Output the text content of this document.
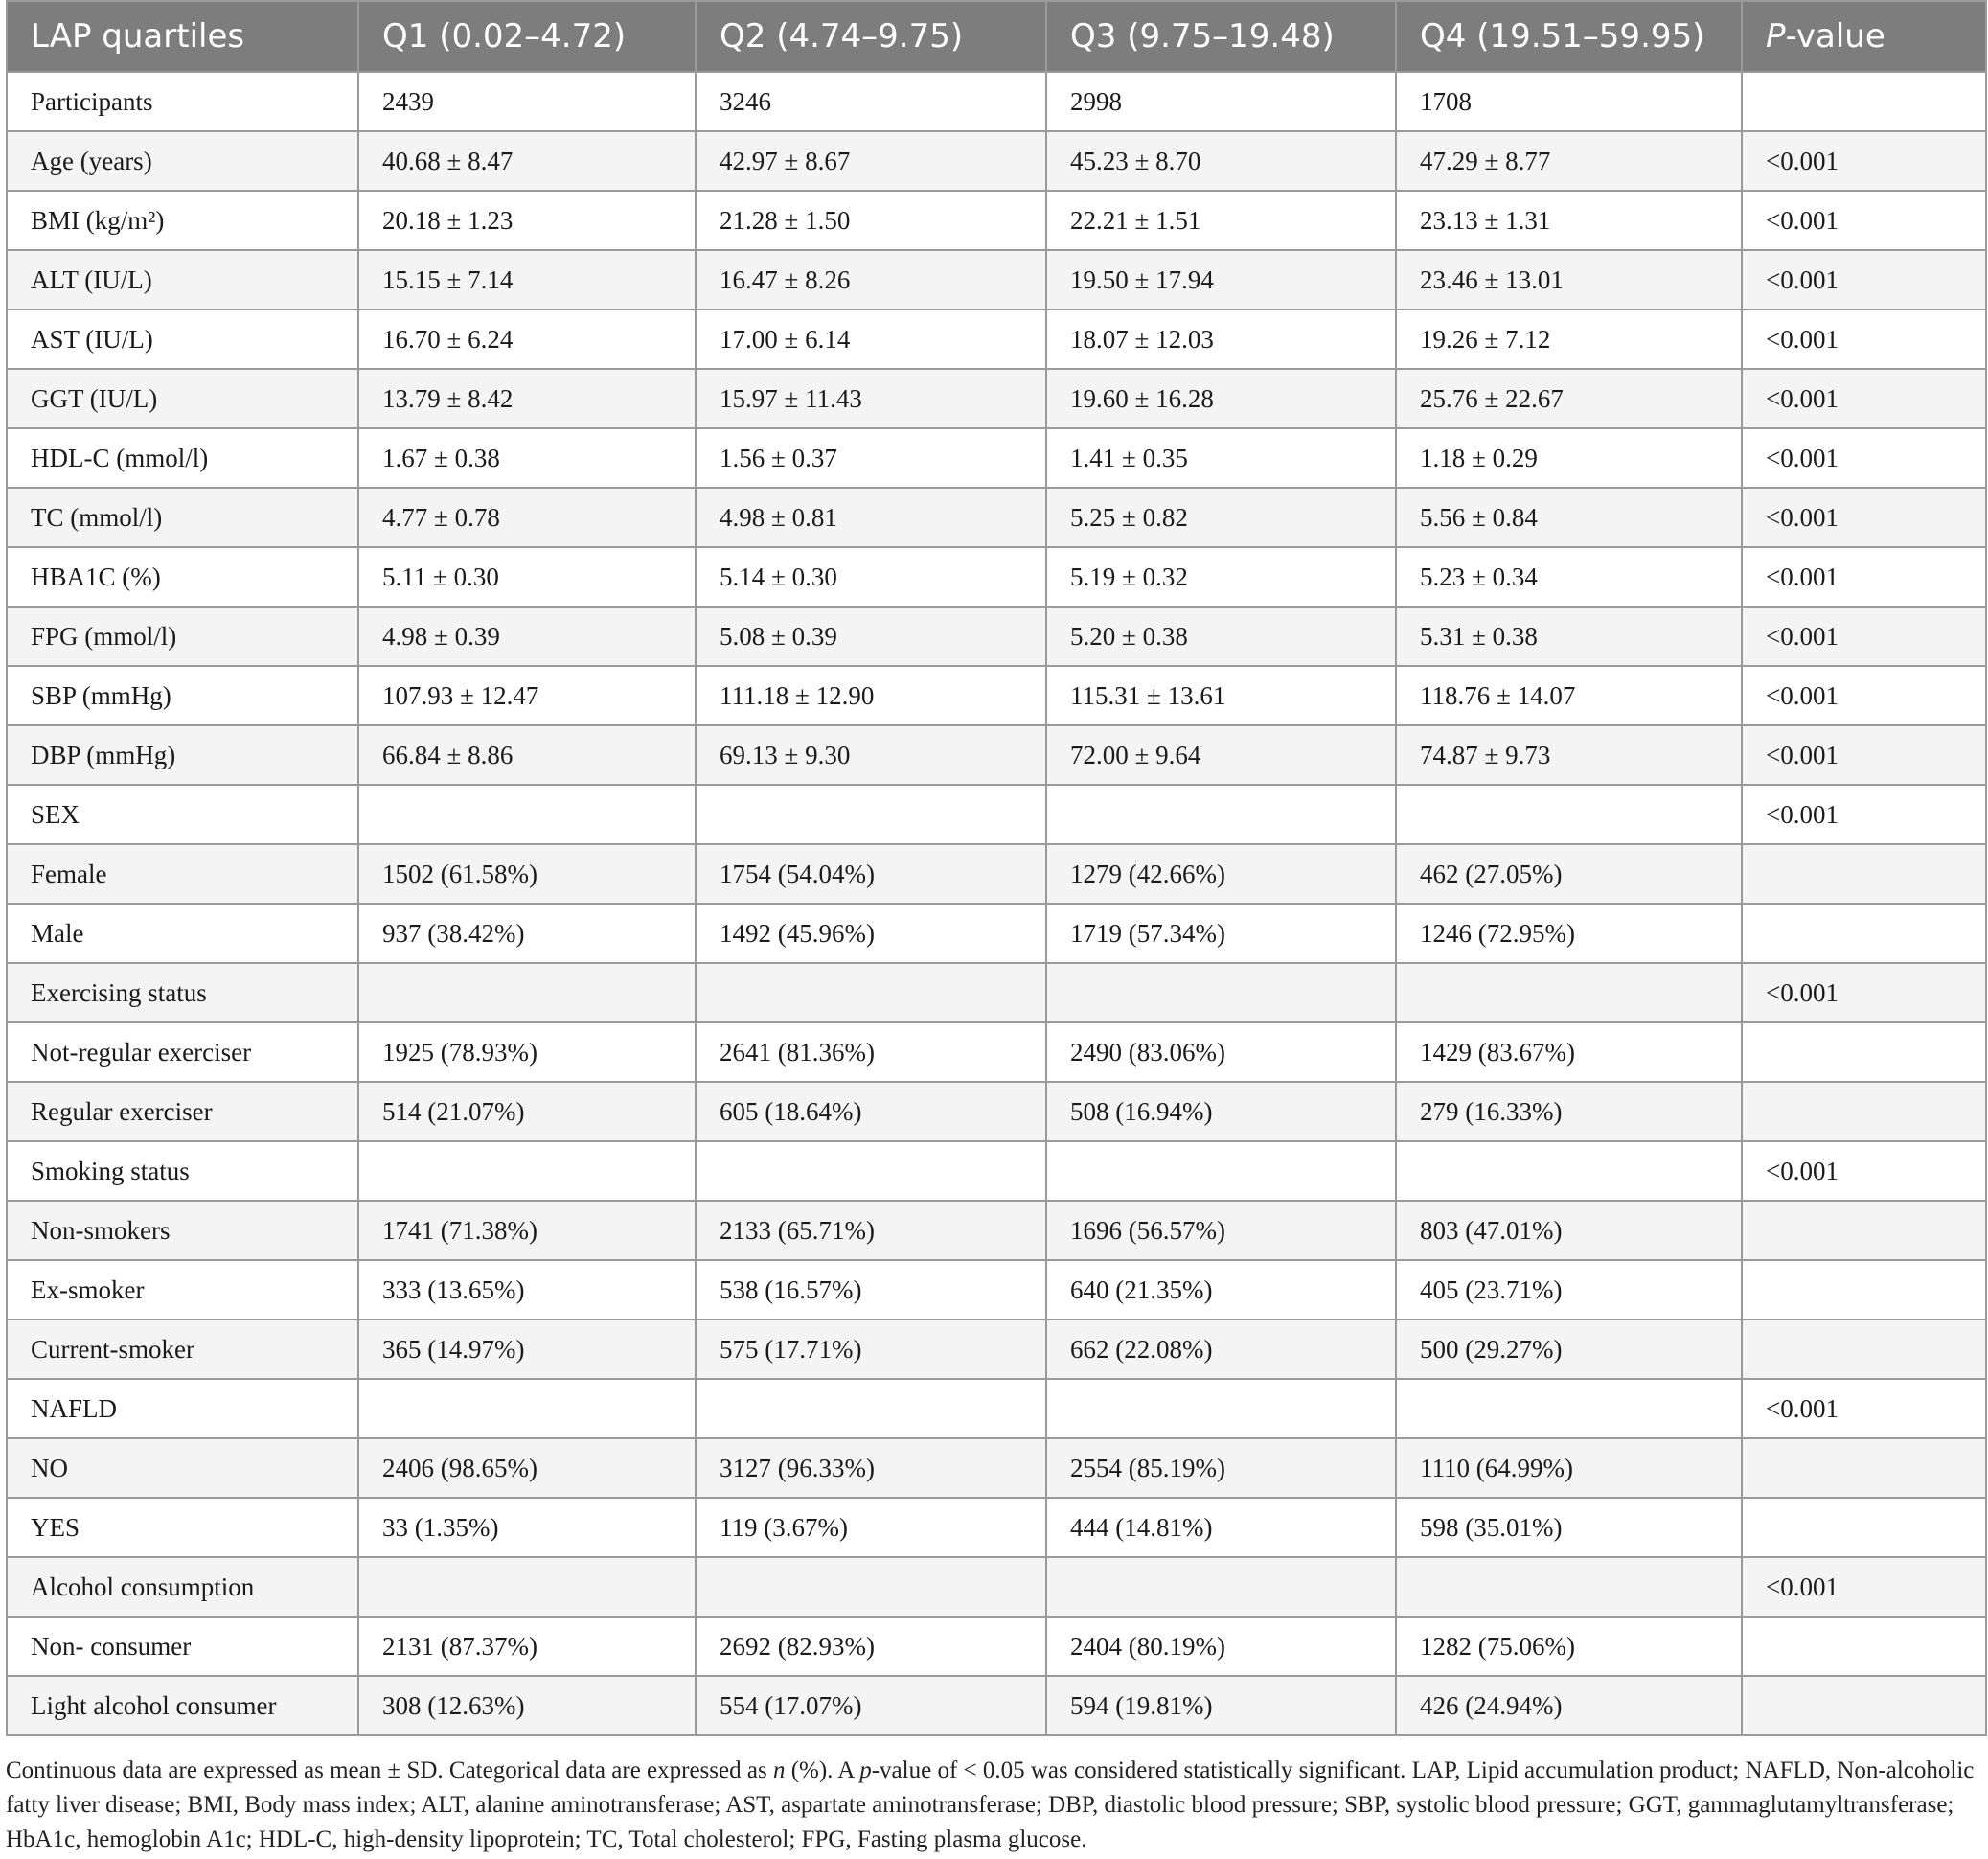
LAP quartiles	Q1 (0.02–4.72)	Q2 (4.74–9.75)	Q3 (9.75–19.48)	Q4 (19.51–59.95)	P-value
Participants	2439	3246	2998	1708	
Age (years)	40.68 ± 8.47	42.97 ± 8.67	45.23 ± 8.70	47.29 ± 8.77	<0.001
BMI (kg/m²)	20.18 ± 1.23	21.28 ± 1.50	22.21 ± 1.51	23.13 ± 1.31	<0.001
ALT (IU/L)	15.15 ± 7.14	16.47 ± 8.26	19.50 ± 17.94	23.46 ± 13.01	<0.001
AST (IU/L)	16.70 ± 6.24	17.00 ± 6.14	18.07 ± 12.03	19.26 ± 7.12	<0.001
GGT (IU/L)	13.79 ± 8.42	15.97 ± 11.43	19.60 ± 16.28	25.76 ± 22.67	<0.001
HDL-C (mmol/l)	1.67 ± 0.38	1.56 ± 0.37	1.41 ± 0.35	1.18 ± 0.29	<0.001
TC (mmol/l)	4.77 ± 0.78	4.98 ± 0.81	5.25 ± 0.82	5.56 ± 0.84	<0.001
HBA1C (%)	5.11 ± 0.30	5.14 ± 0.30	5.19 ± 0.32	5.23 ± 0.34	<0.001
FPG (mmol/l)	4.98 ± 0.39	5.08 ± 0.39	5.20 ± 0.38	5.31 ± 0.38	<0.001
SBP (mmHg)	107.93 ± 12.47	111.18 ± 12.90	115.31 ± 13.61	118.76 ± 14.07	<0.001
DBP (mmHg)	66.84 ± 8.86	69.13 ± 9.30	72.00 ± 9.64	74.87 ± 9.73	<0.001
SEX					<0.001
Female	1502 (61.58%)	1754 (54.04%)	1279 (42.66%)	462 (27.05%)	
Male	937 (38.42%)	1492 (45.96%)	1719 (57.34%)	1246 (72.95%)	
Exercising status					<0.001
Not-regular exerciser	1925 (78.93%)	2641 (81.36%)	2490 (83.06%)	1429 (83.67%)	
Regular exerciser	514 (21.07%)	605 (18.64%)	508 (16.94%)	279 (16.33%)	
Smoking status					<0.001
Non-smokers	1741 (71.38%)	2133 (65.71%)	1696 (56.57%)	803 (47.01%)	
Ex-smoker	333 (13.65%)	538 (16.57%)	640 (21.35%)	405 (23.71%)	
Current-smoker	365 (14.97%)	575 (17.71%)	662 (22.08%)	500 (29.27%)	
NAFLD					<0.001
NO	2406 (98.65%)	3127 (96.33%)	2554 (85.19%)	1110 (64.99%)	
YES	33 (1.35%)	119 (3.67%)	444 (14.81%)	598 (35.01%)	
Alcohol consumption					<0.001
Non- consumer	2131 (87.37%)	2692 (82.93%)	2404 (80.19%)	1282 (75.06%)	
Light alcohol consumer	308 (12.63%)	554 (17.07%)	594 (19.81%)	426 (24.94%)	
Continuous data are expressed as mean ± SD. Categorical data are expressed as n (%). A p-value of < 0.05 was considered statistically significant. LAP, Lipid accumulation product; NAFLD, Non-alcoholic fatty liver disease; BMI, Body mass index; ALT, alanine aminotransferase; AST, aspartate aminotransferase; DBP, diastolic blood pressure; SBP, systolic blood pressure; GGT, gammaglutamyltransferase; HbA1c, hemoglobin A1c; HDL-C, high-density lipoprotein; TC, Total cholesterol; FPG, Fasting plasma glucose.
